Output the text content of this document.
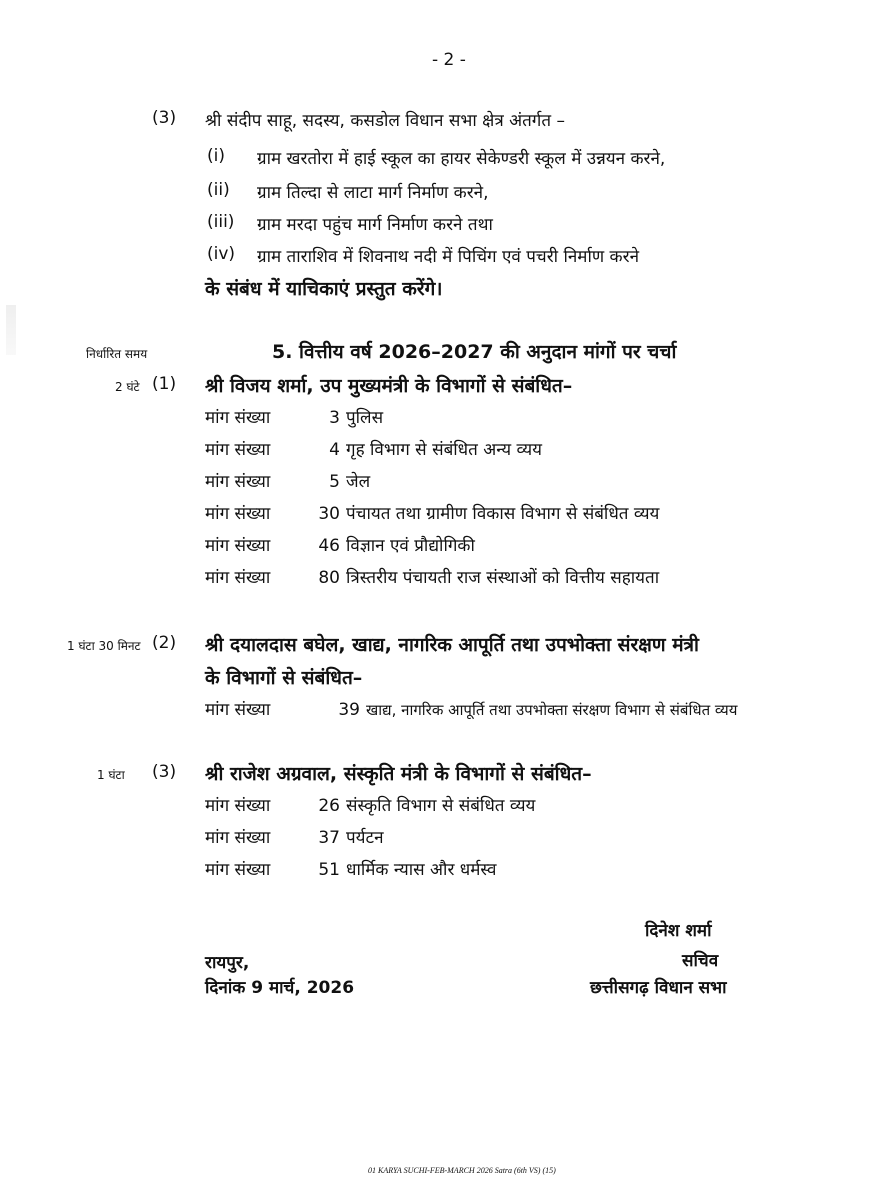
- 2 -
(3) श्री संदीप साहू, सदस्य, कसडोल विधान सभा क्षेत्र अंतर्गत –
(i) ग्राम खरतोरा में हाई स्कूल का हायर सेकेण्डरी स्कूल में उन्नयन करने,
(ii) ग्राम तिल्दा से लाटा मार्ग निर्माण करने,
(iii) ग्राम मरदा पहुंच मार्ग निर्माण करने तथा
(iv) ग्राम ताराशिव में शिवनाथ नदी में पिचिंग एवं पचरी निर्माण करने
के संबंध में याचिकाएं प्रस्तुत करेंगे।
निर्धारित समय	5. वित्तीय वर्ष 2026–2027 की अनुदान मांगों पर चर्चा
2 घंटे (1) श्री विजय शर्मा, उप मुख्यमंत्री के विभागों से संबंधित–
मांग संख्या	3 पुलिस
मांग संख्या	4 गृह विभाग से संबंधित अन्य व्यय
मांग संख्या	5 जेल
मांग संख्या	30 पंचायत तथा ग्रामीण विकास विभाग से संबंधित व्यय
मांग संख्या	46 विज्ञान एवं प्रौद्योगिकी
मांग संख्या	80 त्रिस्तरीय पंचायती राज संस्थाओं को वित्तीय सहायता
1 घंटा 30 मिनट (2) श्री दयालदास बघेल, खाद्य, नागरिक आपूर्ति तथा उपभोक्ता संरक्षण मंत्री
के विभागों से संबंधित–
मांग संख्या	39 खाद्य, नागरिक आपूर्ति तथा उपभोक्ता संरक्षण विभाग से संबंधित व्यय
1 घंटा (3) श्री राजेश अग्रवाल, संस्कृति मंत्री के विभागों से संबंधित–
मांग संख्या	26 संस्कृति विभाग से संबंधित व्यय
मांग संख्या	37 पर्यटन
मांग संख्या	51 धार्मिक न्यास और धर्मस्व
दिनेश शर्मा
सचिव
छत्तीसगढ़ विधान सभा
रायपुर,
दिनांक 9 मार्च, 2026
01 KARYA SUCHI-FEB-MARCH 2026 Satra (6th VS) (15)
